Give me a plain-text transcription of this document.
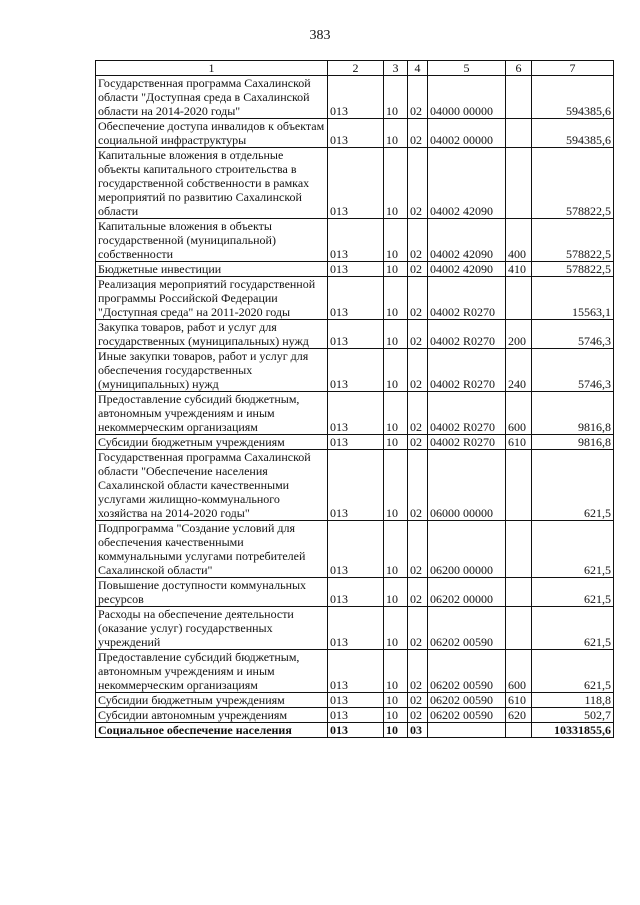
383
1	2	3	4	5	6	7
Государственная программа Сахалинской области "Доступная среда в Сахалинской области на 2014-2020 годы"	013	10	02	04000 00000		594385,6
Обеспечение доступа инвалидов к объектам социальной инфраструктуры	013	10	02	04002 00000		594385,6
Капитальные вложения в отдельные объекты капитального строительства в государственной собственности в рамках мероприятий по развитию Сахалинской области	013	10	02	04002 42090		578822,5
Капитальные вложения в объекты государственной (муниципальной) собственности	013	10	02	04002 42090	400	578822,5
Бюджетные инвестиции	013	10	02	04002 42090	410	578822,5
Реализация мероприятий государственной программы Российской Федерации "Доступная среда" на 2011-2020 годы	013	10	02	04002 R0270		15563,1
Закупка товаров, работ и услуг для государственных (муниципальных) нужд	013	10	02	04002 R0270	200	5746,3
Иные закупки товаров, работ и услуг для обеспечения государственных (муниципальных) нужд	013	10	02	04002 R0270	240	5746,3
Предоставление субсидий бюджетным, автономным учреждениям и иным некоммерческим организациям	013	10	02	04002 R0270	600	9816,8
Субсидии бюджетным учреждениям	013	10	02	04002 R0270	610	9816,8
Государственная программа Сахалинской области "Обеспечение населения Сахалинской области качественными услугами жилищно-коммунального хозяйства на 2014-2020 годы"	013	10	02	06000 00000		621,5
Подпрограмма "Создание условий для обеспечения качественными коммунальными услугами потребителей Сахалинской области"	013	10	02	06200 00000		621,5
Повышение доступности коммунальных ресурсов	013	10	02	06202 00000		621,5
Расходы на обеспечение деятельности (оказание услуг) государственных учреждений	013	10	02	06202 00590		621,5
Предоставление субсидий бюджетным, автономным учреждениям и иным некоммерческим организациям	013	10	02	06202 00590	600	621,5
Субсидии бюджетным учреждениям	013	10	02	06202 00590	610	118,8
Субсидии автономным учреждениям	013	10	02	06202 00590	620	502,7
Социальное обеспечение населения	013	10	03			10331855,6
